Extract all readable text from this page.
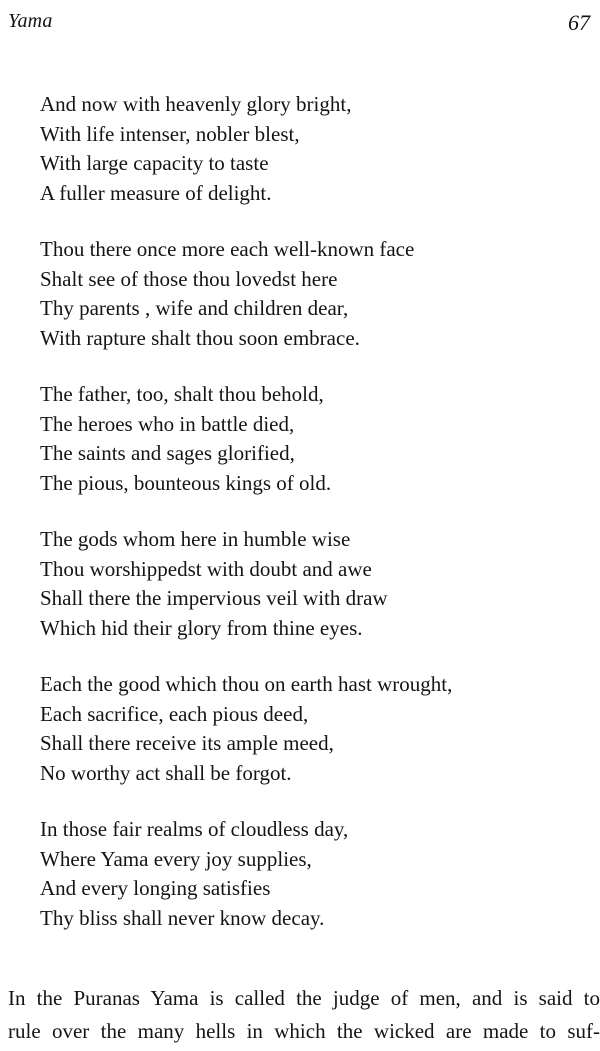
Yama	67
And now with heavenly glory bright,
With life intenser, nobler blest,
With large capacity to taste
A fuller measure of delight.
Thou there once more each well-known face
Shalt see of those thou lovedst here
Thy parents , wife and children dear,
With rapture shalt thou soon embrace.
The father, too, shalt thou behold,
The heroes who in battle died,
The saints and sages glorified,
The pious, bounteous kings of old.
The gods whom here in humble wise
Thou worshippedst with doubt and awe
Shall there the impervious veil with draw
Which hid their glory from thine eyes.
Each the good which thou on earth hast wrought,
Each sacrifice, each pious deed,
Shall there receive its ample meed,
No worthy act shall be forgot.
In those fair realms of cloudless day,
Where Yama every joy supplies,
And every longing satisfies
Thy bliss shall never know decay.
In the Puranas Yama is called the judge of men, and is said to
rule over the many hells in which the wicked are made to suf-
